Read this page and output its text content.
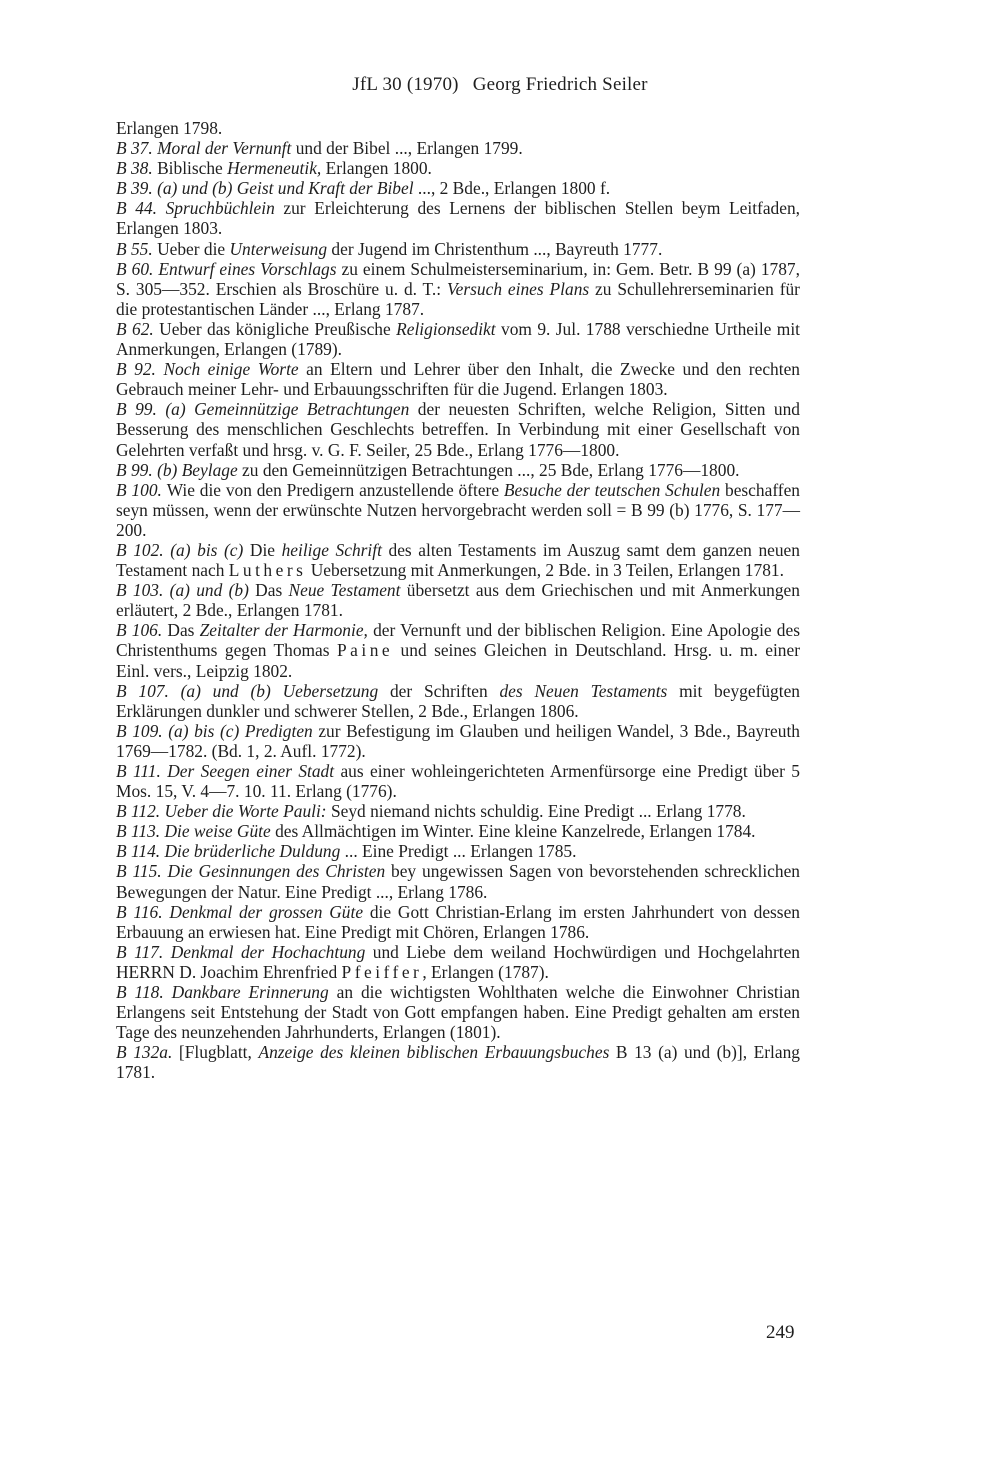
JfL 30 (1970) Georg Friedrich Seiler
Erlangen 1798.
B 37. Moral der Vernunft und der Bibel ..., Erlangen 1799.
B 38. Biblische Hermeneutik, Erlangen 1800.
B 39. (a) und (b) Geist und Kraft der Bibel ..., 2 Bde., Erlangen 1800 f.
B 44. Spruchbüchlein zur Erleichterung des Lernens der biblischen Stellen beym Leitfaden, Erlangen 1803.
B 55. Ueber die Unterweisung der Jugend im Christenthum ..., Bayreuth 1777.
B 60. Entwurf eines Vorschlags zu einem Schulmeisterseminarium, in: Gem. Betr. B 99 (a) 1787, S. 305—352. Erschien als Broschüre u. d. T.: Versuch eines Plans zu Schullehrerseminarien für die protestantischen Länder ..., Erlang 1787.
B 62. Ueber das königliche Preußische Religionsedikt vom 9. Jul. 1788 verschiedne Urtheile mit Anmerkungen, Erlangen (1789).
B 92. Noch einige Worte an Eltern und Lehrer über den Inhalt, die Zwecke und den rechten Gebrauch meiner Lehr- und Erbauungsschriften für die Jugend. Erlangen 1803.
B 99. (a) Gemeinnützige Betrachtungen der neuesten Schriften, welche Religion, Sitten und Besserung des menschlichen Geschlechts betreffen. In Verbindung mit einer Gesellschaft von Gelehrten verfaßt und hrsg. v. G. F. Seiler, 25 Bde., Erlang 1776—1800.
B 99. (b) Beylage zu den Gemeinnützigen Betrachtungen ..., 25 Bde, Erlang 1776—1800.
B 100. Wie die von den Predigern anzustellende öftere Besuche der teutschen Schulen beschaffen seyn müssen, wenn der erwünschte Nutzen hervorgebracht werden soll = B 99 (b) 1776, S. 177—200.
B 102. (a) bis (c) Die heilige Schrift des alten Testaments im Auszug samt dem ganzen neuen Testament nach Luthers Uebersetzung mit Anmerkungen, 2 Bde. in 3 Teilen, Erlangen 1781.
B 103. (a) und (b) Das Neue Testament übersetzt aus dem Griechischen und mit Anmerkungen erläutert, 2 Bde., Erlangen 1781.
B 106. Das Zeitalter der Harmonie, der Vernunft und der biblischen Religion. Eine Apologie des Christenthums gegen Thomas Paine und seines Gleichen in Deutschland. Hrsg. u. m. einer Einl. vers., Leipzig 1802.
B 107. (a) und (b) Uebersetzung der Schriften des Neuen Testaments mit beygefügten Erklärungen dunkler und schwerer Stellen, 2 Bde., Erlangen 1806.
B 109. (a) bis (c) Predigten zur Befestigung im Glauben und heiligen Wandel, 3 Bde., Bayreuth 1769—1782. (Bd. 1, 2. Aufl. 1772).
B 111. Der Seegen einer Stadt aus einer wohleingerichteten Armenfürsorge eine Predigt über 5 Mos. 15, V. 4—7. 10. 11. Erlang (1776).
B 112. Ueber die Worte Pauli: Seyd niemand nichts schuldig. Eine Predigt ... Erlang 1778.
B 113. Die weise Güte des Allmächtigen im Winter. Eine kleine Kanzelrede, Erlangen 1784.
B 114. Die brüderliche Duldung ... Eine Predigt ... Erlangen 1785.
B 115. Die Gesinnungen des Christen bey ungewissen Sagen von bevorstehenden schrecklichen Bewegungen der Natur. Eine Predigt ..., Erlang 1786.
B 116. Denkmal der grossen Güte die Gott Christian-Erlang im ersten Jahrhundert von dessen Erbauung an erwiesen hat. Eine Predigt mit Chören, Erlangen 1786.
B 117. Denkmal der Hochachtung und Liebe dem weiland Hochwürdigen und Hochgelahrten HERRN D. Joachim Ehrenfried Pfeiffer, Erlangen (1787).
B 118. Dankbare Erinnerung an die wichtigsten Wohlthaten welche die Einwohner Christian Erlangens seit Entstehung der Stadt von Gott empfangen haben. Eine Predigt gehalten am ersten Tage des neunzehenden Jahrhunderts, Erlangen (1801).
B 132a. [Flugblatt, Anzeige des kleinen biblischen Erbauungsbuches B 13 (a) und (b)], Erlang 1781.
249
